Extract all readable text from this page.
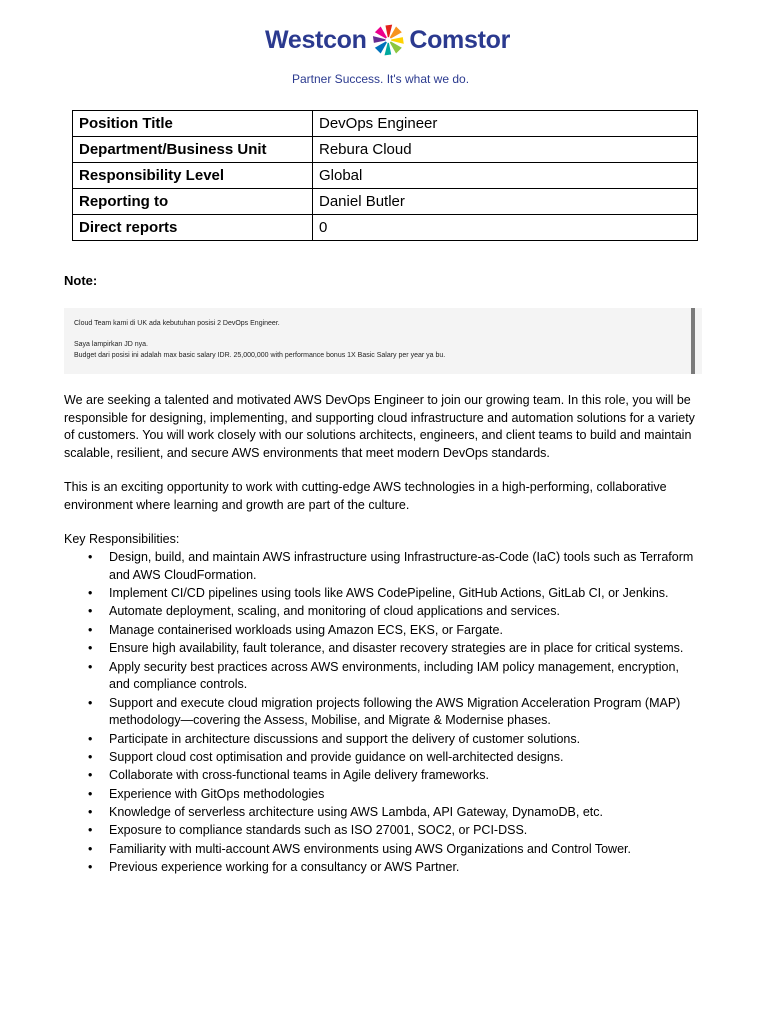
Westcon Comstor
Partner Success. It's what we do.
Position Title	DevOps Engineer
Department/Business Unit	Rebura Cloud
Responsibility Level	Global
Reporting to	Daniel Butler
Direct reports	0
Note:
Cloud Team kami di UK ada kebutuhan posisi 2 DevOps Engineer.
Saya lampirkan JD nya.
Budget dari posisi ini adalah max basic salary IDR. 25,000,000 with performance bonus 1X Basic Salary per year ya bu.

We are seeking a talented and motivated AWS DevOps Engineer to join our growing team. In this role, you will be responsible for designing, implementing, and supporting cloud infrastructure and automation solutions for a variety of customers. You will work closely with our solutions architects, engineers, and client teams to build and maintain scalable, resilient, and secure AWS environments that meet modern DevOps standards.

This is an exciting opportunity to work with cutting-edge AWS technologies in a high-performing, collaborative environment where learning and growth are part of the culture.

Key Responsibilities:
• Design, build, and maintain AWS infrastructure using Infrastructure-as-Code (IaC) tools such as Terraform and AWS CloudFormation.
• Implement CI/CD pipelines using tools like AWS CodePipeline, GitHub Actions, GitLab CI, or Jenkins.
• Automate deployment, scaling, and monitoring of cloud applications and services.
• Manage containerised workloads using Amazon ECS, EKS, or Fargate.
• Ensure high availability, fault tolerance, and disaster recovery strategies are in place for critical systems.
• Apply security best practices across AWS environments, including IAM policy management, encryption, and compliance controls.
• Support and execute cloud migration projects following the AWS Migration Acceleration Program (MAP) methodology—covering the Assess, Mobilise, and Migrate & Modernise phases.
• Participate in architecture discussions and support the delivery of customer solutions.
• Support cloud cost optimisation and provide guidance on well-architected designs.
• Collaborate with cross-functional teams in Agile delivery frameworks.
• Experience with GitOps methodologies
• Knowledge of serverless architecture using AWS Lambda, API Gateway, DynamoDB, etc.
• Exposure to compliance standards such as ISO 27001, SOC2, or PCI-DSS.
• Familiarity with multi-account AWS environments using AWS Organizations and Control Tower.
• Previous experience working for a consultancy or AWS Partner.
